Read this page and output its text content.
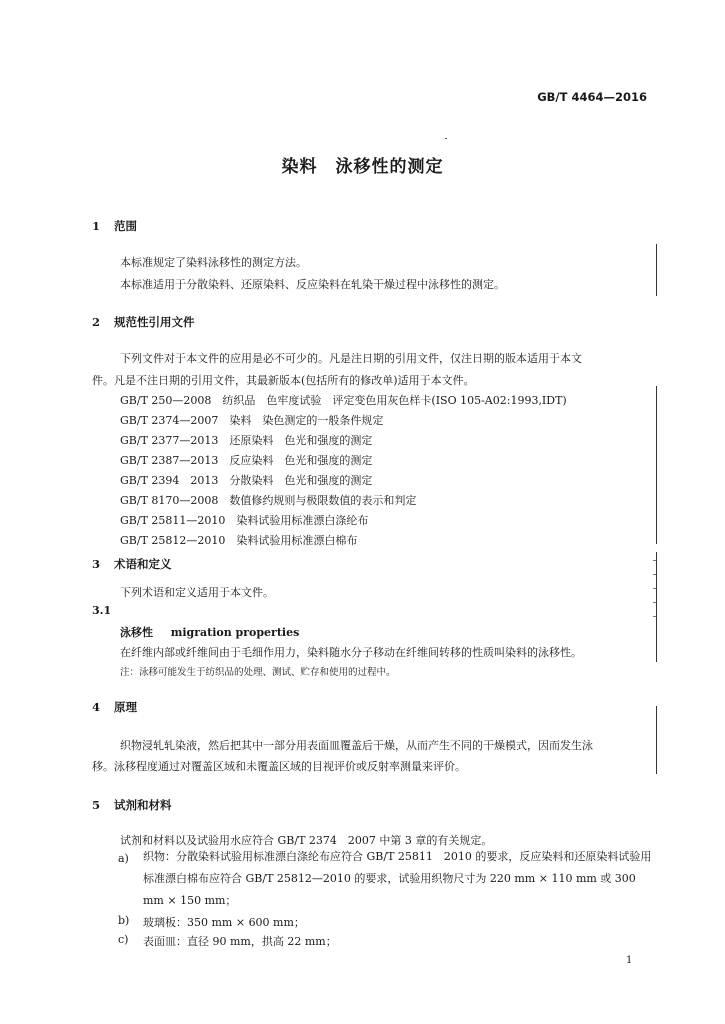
GB/T 4464—2016
染料　泳移性的测定
1 范围
本标准规定了染料泳移性的测定方法。
本标准适用于分散染料、还原染料、反应染料在轧染干燥过程中泳移性的测定。
2 规范性引用文件
下列文件对于本文件的应用是必不可少的。凡是注日期的引用文件，仅注日期的版本适用于本文
件。凡是不注日期的引用文件，其最新版本(包括所有的修改单)适用于本文件。
GB/T 250—2008　纺织品　色牢度试验　评定变色用灰色样卡(ISO 105-A02:1993,IDT)
GB/T 2374—2007　染料　染色测定的一般条件规定
GB/T 2377—2013　还原染料　色光和强度的测定
GB/T 2387—2013　反应染料　色光和强度的测定
GB/T 2394　2013　分散染料　色光和强度的测定
GB/T 8170—2008　数值修约规则与极限数值的表示和判定
GB/T 25811—2010　染料试验用标准漂白涤纶布
GB/T 25812—2010　染料试验用标准漂白棉布
3 术语和定义
下列术语和定义适用于本文件。
3.1
泳移性 migration properties
在纤维内部或纤维间由于毛细作用力，染料随水分子移动在纤维间转移的性质叫染料的泳移性。
注：泳移可能发生于纺织品的处理、测试、贮存和使用的过程中。
4 原理
织物浸轧轧染液，然后把其中一部分用表面皿覆盖后干燥，从而产生不同的干燥模式，因而发生泳
移。泳移程度通过对覆盖区域和未覆盖区域的目视评价或反射率测量来评价。
5 试剂和材料
试剂和材料以及试验用水应符合 GB/T 2374　2007 中第 3 章的有关规定。
a) 织物：分散染料试验用标准漂白涤纶布应符合 GB/T 25811　2010 的要求，反应染料和还原染料试验用标准漂白棉布应符合 GB/T 25812—2010 的要求，试验用织物尺寸为 220 mm × 110 mm 或 300 mm × 150 mm；
b) 玻璃板：350 mm × 600 mm；
c) 表面皿：直径 90 mm，拱高 22 mm；
1
